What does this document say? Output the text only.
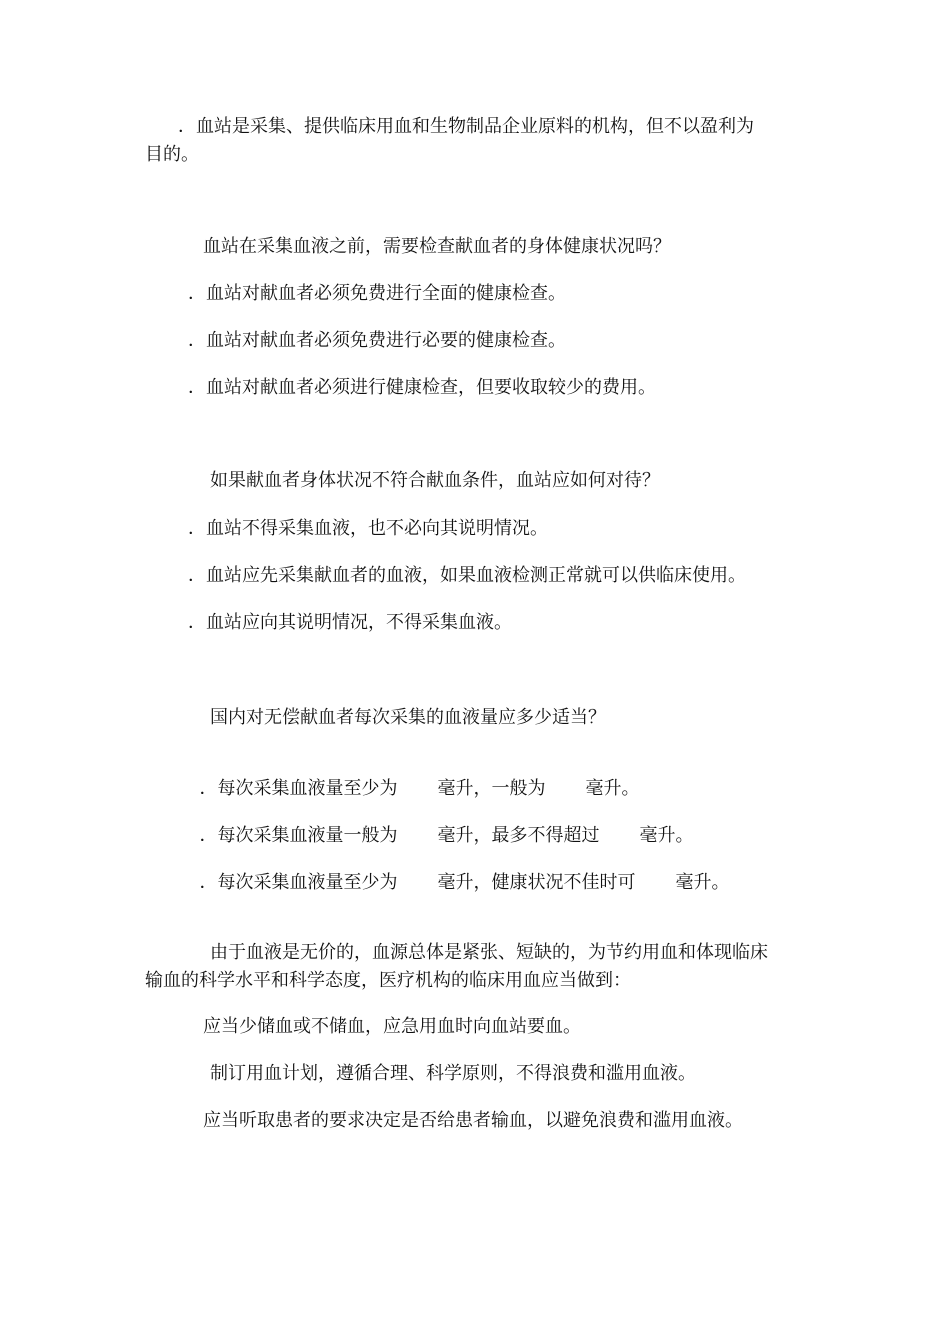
．血站是采集、提供临床用血和生物制品企业原料的机构，但不以盈利为

目的。

血站在采集血液之前，需要检查献血者的身体健康状况吗？

．血站对献血者必须免费进行全面的健康检查。

．血站对献血者必须免费进行必要的健康检查。

．血站对献血者必须进行健康检查，但要收取较少的费用。

如果献血者身体状况不符合献血条件，血站应如何对待？

．血站不得采集血液，也不必向其说明情况。

．血站应先采集献血者的血液，如果血液检测正常就可以供临床使用。

．血站应向其说明情况，不得采集血液。

国内对无偿献血者每次采集的血液量应多少适当？

．每次采集血液量至少为 毫升，一般为 毫升。

．每次采集血液量一般为 毫升，最多不得超过 毫升。

．每次采集血液量至少为 毫升，健康状况不佳时可 毫升。

由于血液是无价的，血源总体是紧张、短缺的，为节约用血和体现临床

输血的科学水平和科学态度，医疗机构的临床用血应当做到：

应当少储血或不储血，应急用血时向血站要血。

制订用血计划，遵循合理、科学原则，不得浪费和滥用血液。

应当听取患者的要求决定是否给患者输血，以避免浪费和滥用血液。
